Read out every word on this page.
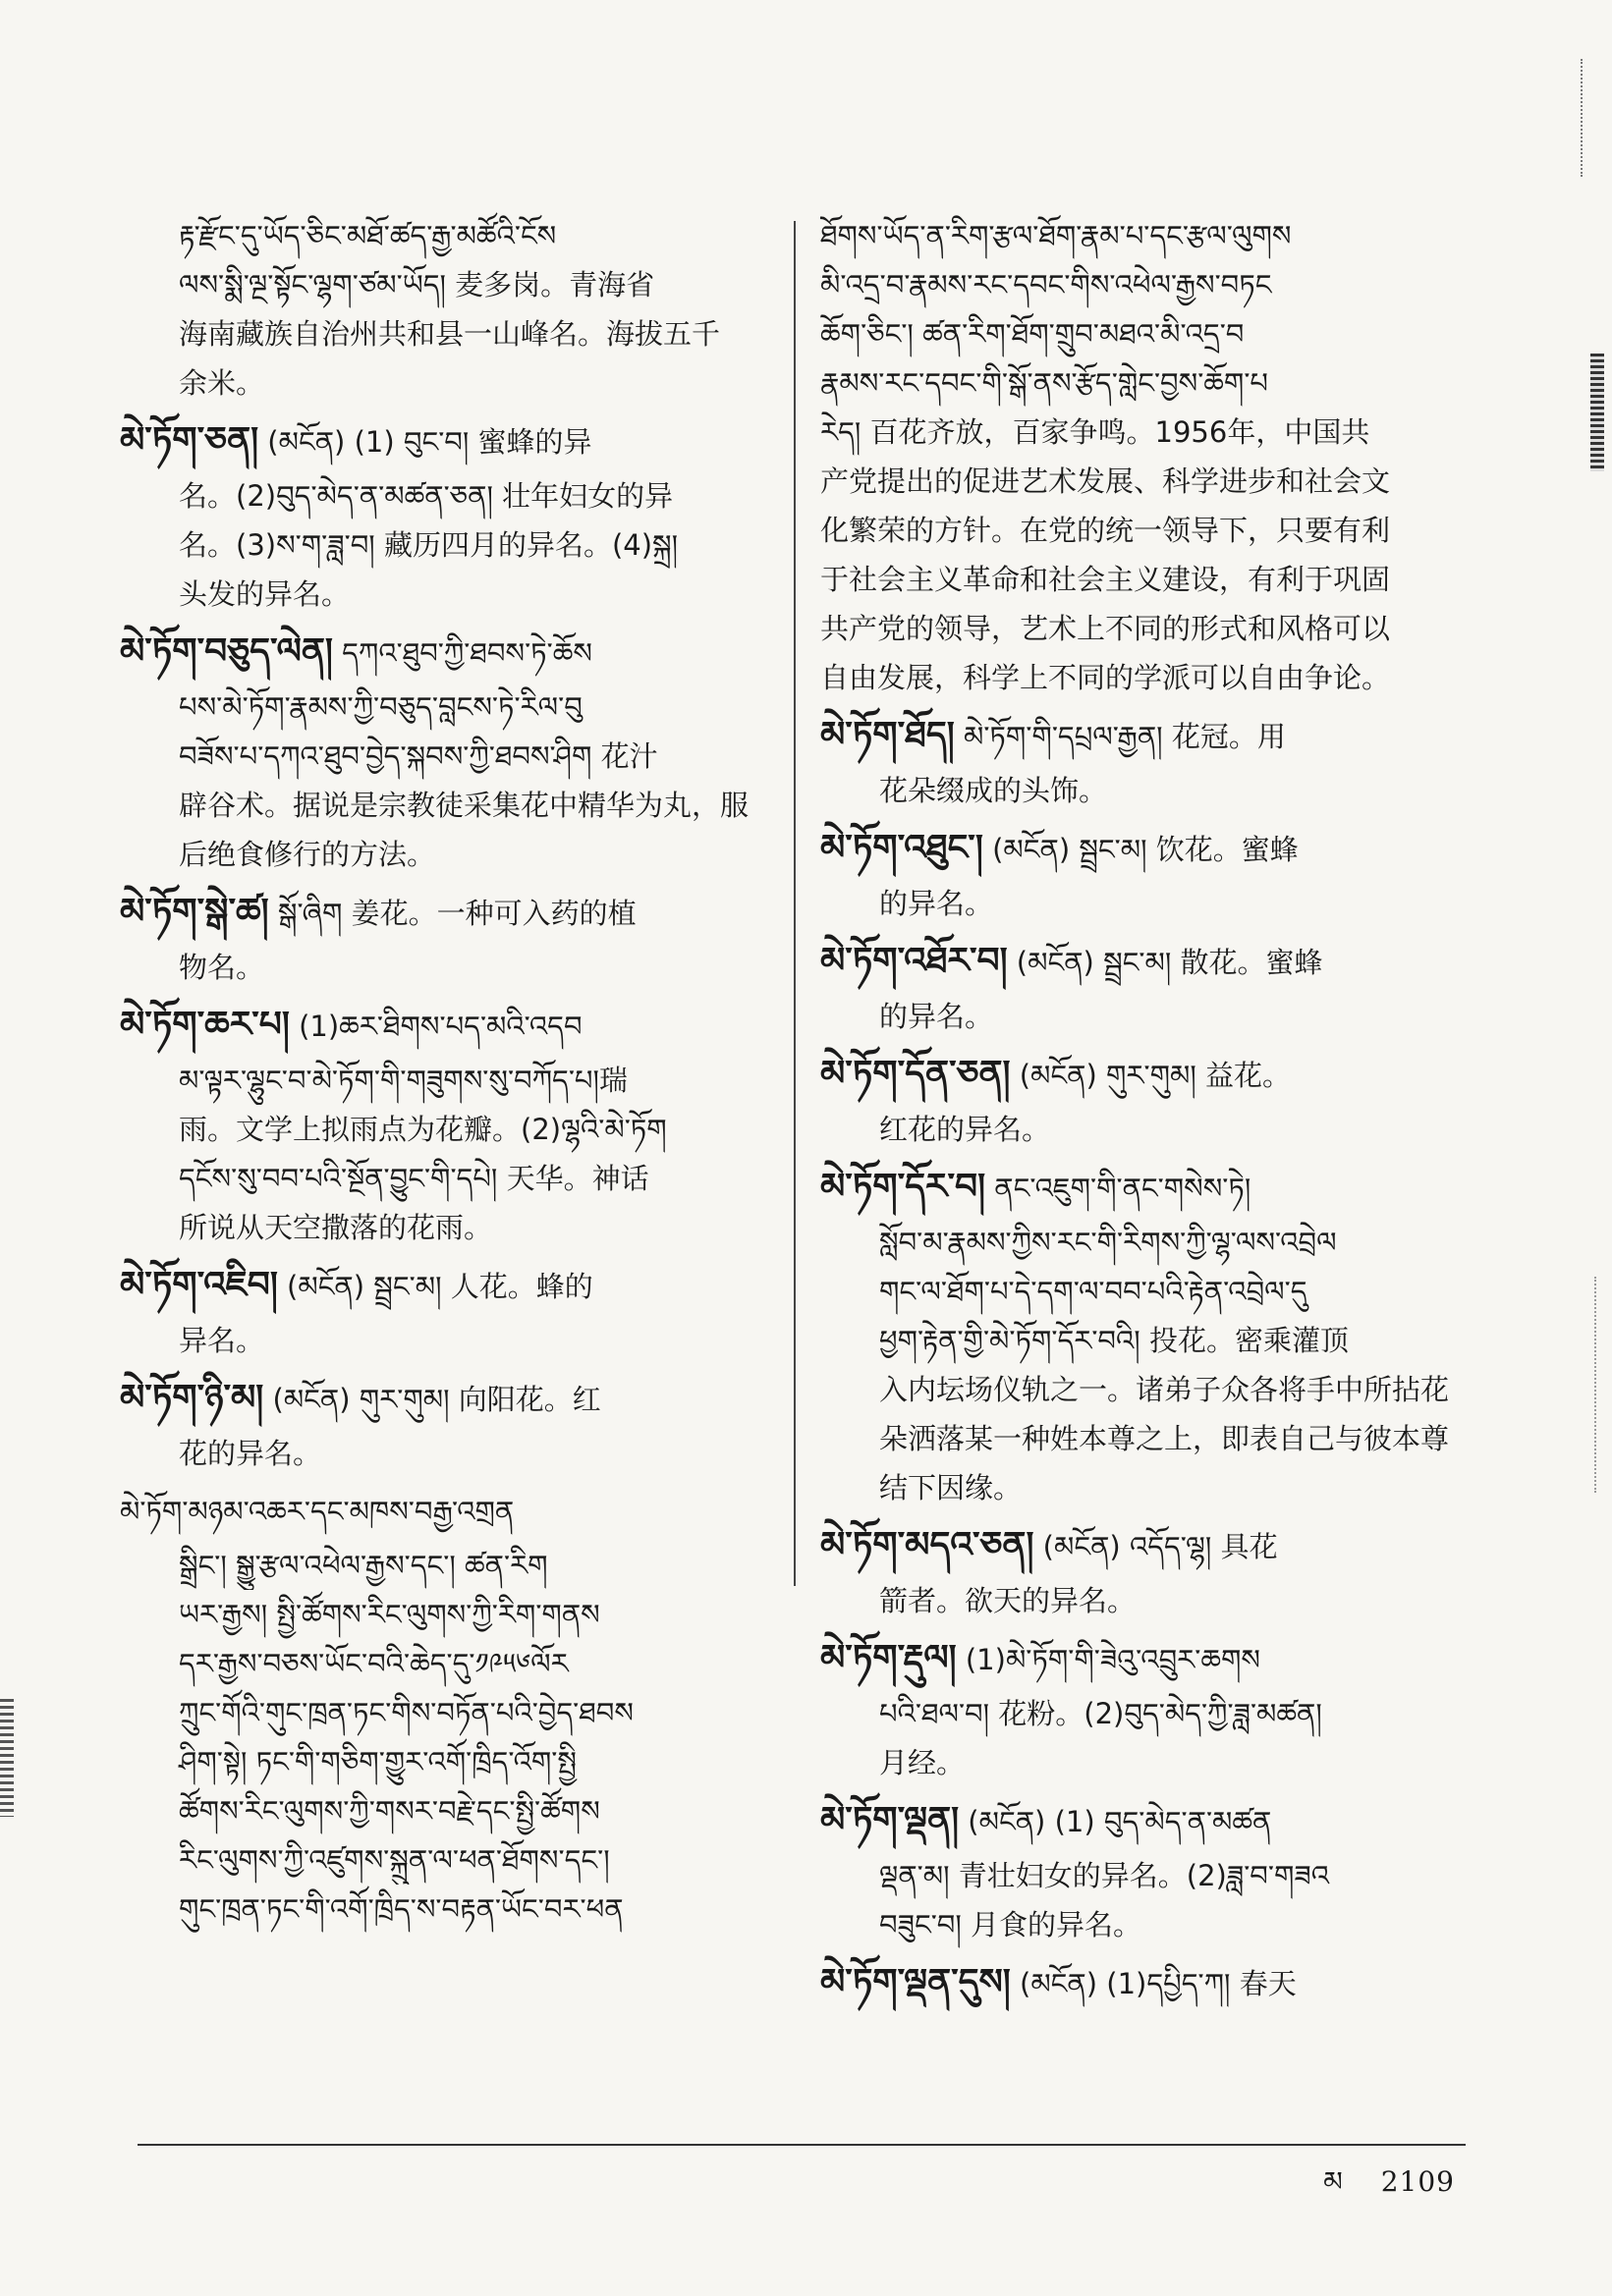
རྟ་རྫོང་དུ་ཡོད་ཅིང་མཐོ་ཚད་རྒྱ་མཚོའི་ངོས
ལས་སྨི་ལྔ་སྟོང་ལྷག་ཙམ་ཡོད། 麦多岗。青海省
海南藏族自治州共和县一山峰名。海拔五千
余米。
མེ་ཏོག་ཅན། (མངོན) (1) བུང་བ། 蜜蜂的异
名。(2)བུད་མེད་ན་མཚན་ཅན། 壮年妇女的异
名。(3)ས་ག་ཟླ་བ། 藏历四月的异名。(4)སྐྲ།
头发的异名。
མེ་ཏོག་བཅུད་ལེན། དཀའ་ཐུབ་ཀྱི་ཐབས་ཏེ་ཆོས
པས་མེ་ཏོག་རྣམས་ཀྱི་བཅུད་བླངས་ཏེ་རིལ་བུ
བཟོས་པ་དཀའ་ཐུབ་བྱེད་སྐབས་ཀྱི་ཐབས་ཤིག 花汁
辟谷术。据说是宗教徒采集花中精华为丸，服
后绝食修行的方法。
མེ་ཏོག་སྒེ་ཚ། སྒོ་ཞིག 姜花。一种可入药的植
物名。
མེ་ཏོག་ཆར་པ། (1)ཆར་ཐིགས་པད་མའི་འདབ
མ་ལྟར་ལྷུང་བ་མེ་ཏོག་གི་གཟུགས་སུ་བཀོད་པ།瑞
雨。文学上拟雨点为花瓣。(2)ལྷའི་མེ་ཏོག
དངོས་སུ་བབ་པའི་སྔོན་བྱུང་གི་དཔེ། 天华。神话
所说从天空撒落的花雨。
མེ་ཏོག་འཇིབ། (མངོན) སྦྲང་མ། 人花。蜂的
异名。
མེ་ཏོག་ཉི་མ། (མངོན) གུར་གུམ། 向阳花。红
花的异名。
མེ་ཏོག་མཉམ་འཆར་དང་མཁས་བརྒྱ་འགྲན
སྒྲིང་། སྒྱུ་རྩལ་འཕེལ་རྒྱས་དང་། ཚན་རིག
ཡར་རྒྱས། སྤྱི་ཚོགས་རིང་ལུགས་ཀྱི་རིག་གནས
དར་རྒྱས་བཅས་ཡོང་བའི་ཆེད་དུ་༡༩༥༦ལོར
ཀྲུང་གོའི་གུང་ཁྲན་ཏང་གིས་བཏོན་པའི་བྱེད་ཐབས
ཤིག་སྟེ། ཏང་གི་གཅིག་གྱུར་འགོ་ཁྲིད་འོག་སྤྱི
ཚོགས་རིང་ལུགས་ཀྱི་གསར་བརྗེ་དང་སྤྱི་ཚོགས
རིང་ལུགས་ཀྱི་འཛུགས་སྐྲུན་ལ་ཕན་ཐོགས་དང་།
གུང་ཁྲན་ཏང་གི་འགོ་ཁྲིད་ས་བརྟན་ཡོང་བར་ཕན
ཐོགས་ཡོད་ན་རིག་རྩལ་ཐོག་རྣམ་པ་དང་རྩལ་ལུགས
མི་འདྲ་བ་རྣམས་རང་དབང་གིས་འཕེལ་རྒྱས་བཏང
ཆོག་ཅིང་། ཚན་རིག་ཐོག་གྲུབ་མཐའ་མི་འདྲ་བ
རྣམས་རང་དབང་གི་སྒོ་ནས་རྩོད་གླེང་བྱས་ཆོག་པ
རེད། 百花齐放，百家争鸣。1956年，中国共
产党提出的促进艺术发展、科学进步和社会文
化繁荣的方针。在党的统一领导下，只要有利
于社会主义革命和社会主义建设，有利于巩固
共产党的领导，艺术上不同的形式和风格可以
自由发展，科学上不同的学派可以自由争论。
མེ་ཏོག་ཐོད། མེ་ཏོག་གི་དཔྲལ་རྒྱན། 花冠。用
花朵缀成的头饰。
མེ་ཏོག་འཐུང་། (མངོན) སྦྲང་མ། 饮花。蜜蜂
的异名。
མེ་ཏོག་འཐོར་བ། (མངོན) སྦྲང་མ། 散花。蜜蜂
的异名。
མེ་ཏོག་དོན་ཅན། (མངོན) གུར་གུམ། 益花。
红花的异名。
མེ་ཏོག་དོར་བ། ནང་འཇུག་གི་ནང་གསེས་ཏེ།
སློབ་མ་རྣམས་ཀྱིས་རང་གི་རིགས་ཀྱི་ལྷ་ལས་འབྲེལ
གང་ལ་ཐོག་པ་དེ་དག་ལ་བབ་པའི་རྟེན་འབྲེལ་དུ
ཕྱག་རྟེན་གྱི་མེ་ཏོག་དོར་བའི། 投花。密乘灌顶
入内坛场仪轨之一。诸弟子众各将手中所拈花
朵洒落某一种姓本尊之上，即表自己与彼本尊
结下因缘。
མེ་ཏོག་མདའ་ཅན། (མངོན) འདོད་ལྷ། 具花
箭者。欲天的异名。
མེ་ཏོག་རྡུལ། (1)མེ་ཏོག་གི་ཟེའུ་འབྲུར་ཆགས
པའི་ཐལ་བ། 花粉。(2)བུད་མེད་ཀྱི་ཟླ་མཚན།
月经。
མེ་ཏོག་ལྡན། (མངོན) (1) བུད་མེད་ན་མཚན
ལྡན་མ། 青壮妇女的异名。(2)ཟླ་བ་གཟའ
བཟུང་བ། 月食的异名。
མེ་ཏོག་ལྡན་དུས། (མངོན) (1)དཔྱིད་ཀ། 春天
མ 2109
